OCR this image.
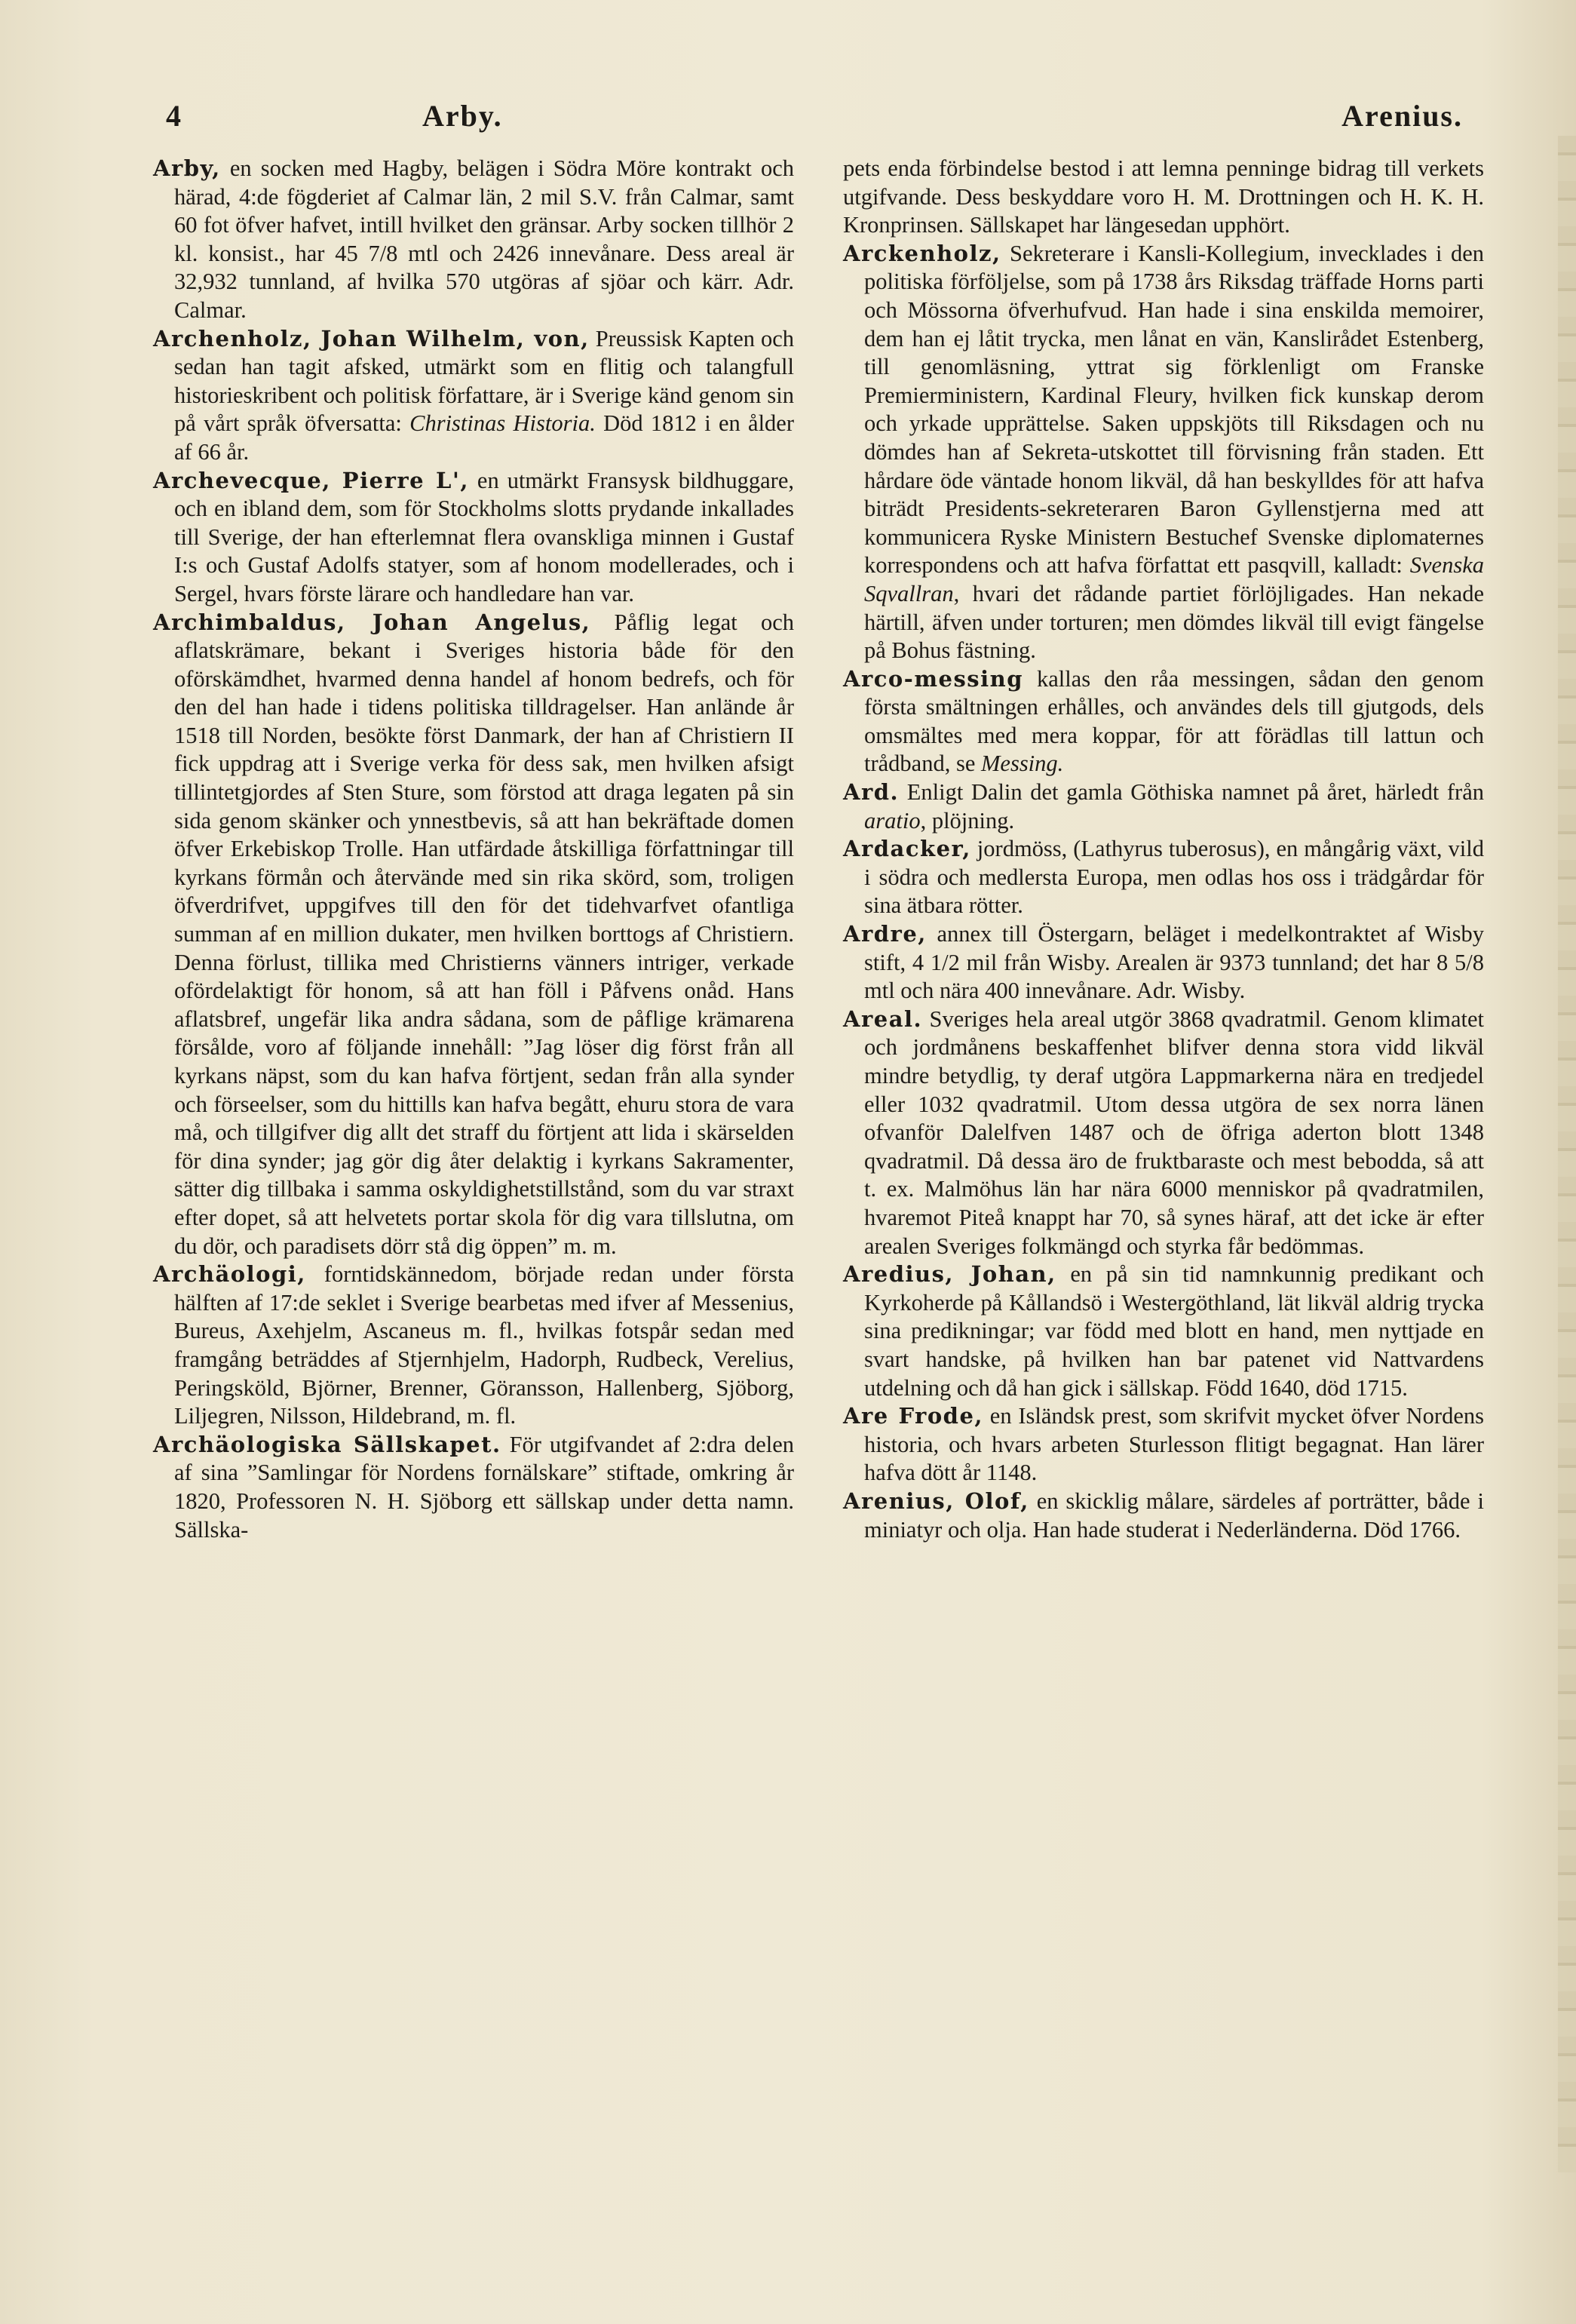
4	Arby.	Arenius.

Arby, en socken med Hagby, belägen i Södra Möre kontrakt och härad, 4:de fögderiet af Calmar län, 2 mil S.V. från Calmar, samt 60 fot öfver hafvet, intill hvilket den gränsar. Arby socken tillhör 2 kl. konsist., har 45 7/8 mtl och 2426 innevånare. Dess areal är 32,932 tunnland, af hvilka 570 utgöras af sjöar och kärr. Adr. Calmar.

Archenholz, Johan Wilhelm, von, Preussisk Kapten och sedan han tagit afsked, utmärkt som en flitig och talangfull historieskribent och politisk författare, är i Sverige känd genom sin på vårt språk öfversatta: Christinas Historia. Död 1812 i en ålder af 66 år.

Archevecque, Pierre L', en utmärkt Fransysk bildhuggare, och en ibland dem, som för Stockholms slotts prydande inkallades till Sverige, der han efterlemnat flera ovanskliga minnen i Gustaf I:s och Gustaf Adolfs statyer, som af honom modellerades, och i Sergel, hvars förste lärare och handledare han var.

Archimbaldus, Johan Angelus, Påflig legat och aflatskrämare, bekant i Sveriges historia både för den oförskämdhet, hvarmed denna handel af honom bedrefs, och för den del han hade i tidens politiska tilldragelser. Han anlände år 1518 till Norden, besökte först Danmark, der han af Christiern II fick uppdrag att i Sverige verka för dess sak, men hvilken afsigt tillintetgjordes af Sten Sture, som förstod att draga legaten på sin sida genom skänker och ynnestbevis, så att han bekräftade domen öfver Erkebiskop Trolle. Han utfärdade åtskilliga författningar till kyrkans förmån och återvände med sin rika skörd, som, troligen öfverdrifvet, uppgifves till den för det tidehvarfvet ofantliga summan af en million dukater, men hvilken borttogs af Christiern. Denna förlust, tillika med Christierns vänners intriger, verkade ofördelaktigt för honom, så att han föll i Påfvens onåd. Hans aflatsbref, ungefär lika andra sådana, som de påflige krämarena försålde, voro af följande innehåll: ”Jag löser dig först från all kyrkans näpst, som du kan hafva förtjent, sedan från alla synder och förseelser, som du hittills kan hafva begått, ehuru stora de vara må, och tillgifver dig allt det straff du förtjent att lida i skärselden för dina synder; jag gör dig åter delaktig i kyrkans Sakramenter, sätter dig tillbaka i samma oskyldighetstillstånd, som du var straxt efter dopet, så att helvetets portar skola för dig vara tillslutna, om du dör, och paradisets dörr stå dig öppen” m. m.

Archäologi, forntidskännedom, började redan under första hälften af 17:de seklet i Sverige bearbetas med ifver af Messenius, Bureus, Axehjelm, Ascaneus m. fl., hvilkas fotspår sedan med framgång beträddes af Stjernhjelm, Hadorph, Rudbeck, Verelius, Peringsköld, Björner, Brenner, Göransson, Hallenberg, Sjöborg, Liljegren, Nilsson, Hildebrand, m. fl.

Archäologiska Sällskapet. För utgifvandet af 2:dra delen af sina ”Samlingar för Nordens fornälskare” stiftade, omkring år 1820, Professoren N. H. Sjöborg ett sällskap under detta namn. Sällska-

pets enda förbindelse bestod i att lemna penninge bidrag till verkets utgifvande. Dess beskyddare voro H. M. Drottningen och H. K. H. Kronprinsen. Sällskapet har längesedan upphört.

Arckenholz, Sekreterare i Kansli-Kollegium, invecklades i den politiska förföljelse, som på 1738 års Riksdag träffade Horns parti och Mössorna öfverhufvud. Han hade i sina enskilda memoirer, dem han ej låtit trycka, men lånat en vän, Kanslirådet Estenberg, till genomläsning, yttrat sig förklenligt om Franske Premierministern, Kardinal Fleury, hvilken fick kunskap derom och yrkade upprättelse. Saken uppskjöts till Riksdagen och nu dömdes han af Sekreta-utskottet till förvisning från staden. Ett hårdare öde väntade honom likväl, då han beskylldes för att hafva biträdt Presidents-sekreteraren Baron Gyllenstjerna med att kommunicera Ryske Ministern Bestuchef Svenske diplomaternes korrespondens och att hafva författat ett pasqvill, kalladt: Svenska Sqvallran, hvari det rådande partiet förlöjligades. Han nekade härtill, äfven under torturen; men dömdes likväl till evigt fängelse på Bohus fästning.

Arco-messing kallas den råa messingen, sådan den genom första smältningen erhålles, och användes dels till gjutgods, dels omsmältes med mera koppar, för att förädlas till lattun och trådband, se Messing.

Ard. Enligt Dalin det gamla Göthiska namnet på året, härledt från aratio, plöjning.

Ardacker, jordmöss, (Lathyrus tuberosus), en mångårig växt, vild i södra och medlersta Europa, men odlas hos oss i trädgårdar för sina ätbara rötter.

Ardre, annex till Östergarn, beläget i medelkontraktet af Wisby stift, 4 1/2 mil från Wisby. Arealen är 9373 tunnland; det har 8 5/8 mtl och nära 400 innevånare. Adr. Wisby.

Areal. Sveriges hela areal utgör 3868 qvadratmil. Genom klimatet och jordmånens beskaffenhet blifver denna stora vidd likväl mindre betydlig, ty deraf utgöra Lappmarkerna nära en tredjedel eller 1032 qvadratmil. Utom dessa utgöra de sex norra länen ofvanför Dalelfven 1487 och de öfriga aderton blott 1348 qvadratmil. Då dessa äro de fruktbaraste och mest bebodda, så att t. ex. Malmöhus län har nära 6000 menniskor på qvadratmilen, hvaremot Piteå knappt har 70, så synes häraf, att det icke är efter arealen Sveriges folkmängd och styrka får bedömmas.

Aredius, Johan, en på sin tid namnkunnig predikant och Kyrkoherde på Kållandsö i Westergöthland, lät likväl aldrig trycka sina predikningar; var född med blott en hand, men nyttjade en svart handske, på hvilken han bar patenet vid Nattvardens utdelning och då han gick i sällskap. Född 1640, död 1715.

Are Frode, en Isländsk prest, som skrifvit mycket öfver Nordens historia, och hvars arbeten Sturlesson flitigt begagnat. Han lärer hafva dött år 1148.

Arenius, Olof, en skicklig målare, särdeles af porträtter, både i miniatyr och olja. Han hade studerat i Nederländerna. Död 1766.
